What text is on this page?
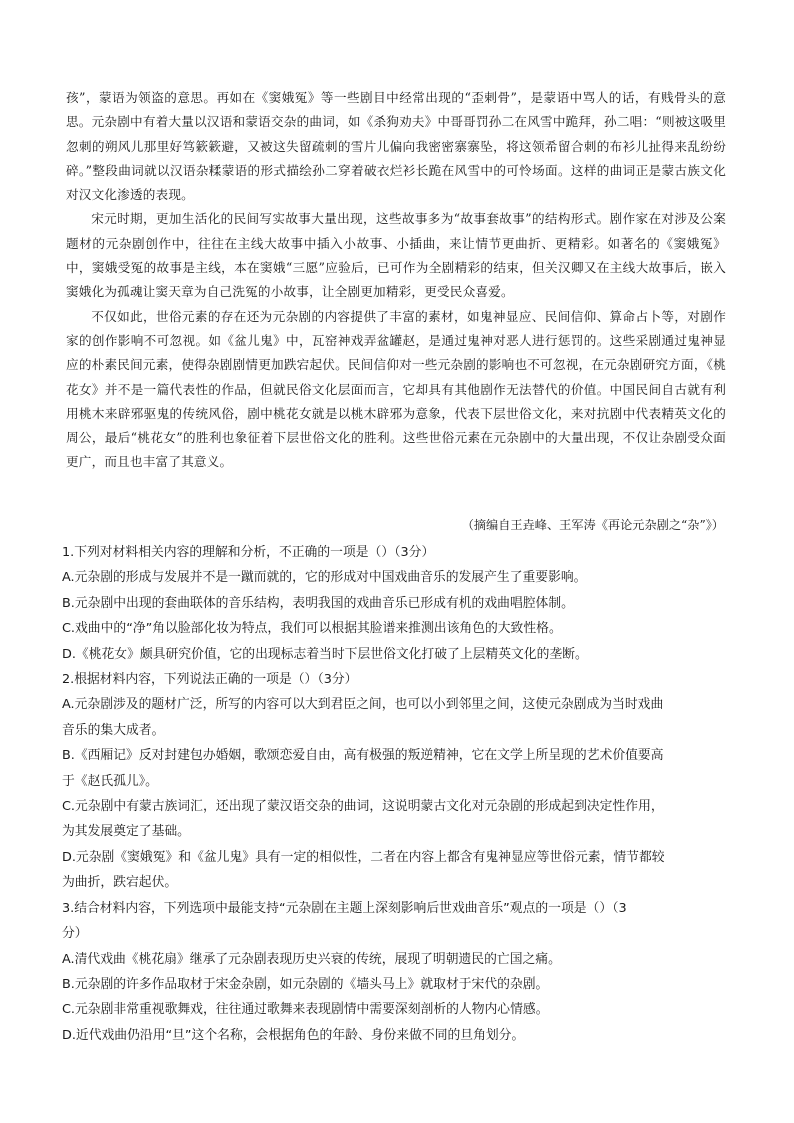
孩”，蒙语为领盗的意思。再如在《窦娥冤》等一些剧目中经常出现的“歪剌骨”，是蒙语中骂人的话，有贱骨头的意思。元杂剧中有着大量以汉语和蒙语交杂的曲词，如《杀狗劝夫》中哥哥罚孙二在风雪中跪拜，孙二唱：“则被这吸里忽刺的朔风儿那里好笃簌簌避，又被这失留疏刺的雪片儿偏向我密密寨寨坠，将这领希留合刺的布衫儿扯得来乱纷纷碎。”整段曲词就以汉语杂糅蒙语的形式描绘孙二穿着破衣烂衫长跪在风雪中的可怜场面。这样的曲词正是蒙古族文化对汉文化渗透的表现。

宋元时期，更加生活化的民间写实故事大量出现，这些故事多为“故事套故事”的结构形式。剧作家在对涉及公案题材的元杂剧创作中，往往在主线大故事中插入小故事、小插曲，来让情节更曲折、更精彩。如著名的《窦娥冤》中，窦娥受冤的故事是主线，本在窦娥“三愿”应验后，已可作为全剧精彩的结束，但关汉卿又在主线大故事后，嵌入窦娥化为孤魂让窦天章为自己洗冤的小故事，让全剧更加精彩，更受民众喜爱。

不仅如此，世俗元素的存在还为元杂剧的内容提供了丰富的素材，如鬼神显应、民间信仰、算命占卜等，对剧作家的创作影响不可忽视。如《盆儿鬼》中，瓦窑神戏弄盆罐赵，是通过鬼神对恶人进行惩罚的。这些采剧通过鬼神显应的朴素民间元素，使得杂剧剧情更加跌宕起伏。民间信仰对一些元杂剧的影响也不可忽视，在元杂剧研究方面，《桃花女》并不是一篇代表性的作品，但就民俗文化层面而言，它却具有其他剧作无法替代的价值。中国民间自古就有利用桃木来辟邪驱鬼的传统风俗，剧中桃花女就是以桃木辟邪为意象，代表下层世俗文化，来对抗剧中代表精英文化的周公，最后“桃花女”的胜利也象征着下层世俗文化的胜利。这些世俗元素在元杂剧中的大量出现，不仅让杂剧受众面更广，而且也丰富了其意义。

（摘编自王垚峰、王军涛《再论元杂剧之“杂”》）
1.下列对材料相关内容的理解和分析，不正确的一项是（）（3分）
A.元杂剧的形成与发展并不是一蹴而就的，它的形成对中国戏曲音乐的发展产生了重要影响。
B.元杂剧中出现的套曲联体的音乐结构，表明我国的戏曲音乐已形成有机的戏曲唱腔体制。
C.戏曲中的“净”角以脸部化妆为特点，我们可以根据其脸谱来推测出该角色的大致性格。
D.《桃花女》颇具研究价值，它的出现标志着当时下层世俗文化打破了上层精英文化的垄断。
2.根据材料内容，下列说法正确的一项是（）（3分）
A.元杂剧涉及的题材广泛，所写的内容可以大到君臣之间，也可以小到邻里之间，这使元杂剧成为当时戏曲
音乐的集大成者。
B.《西厢记》反对封建包办婚姻，歌颂恋爱自由，高有极强的叛逆精神，它在文学上所呈现的艺术价值要高
于《赵氏孤儿》。
C.元杂剧中有蒙古族词汇，还出现了蒙汉语交杂的曲词，这说明蒙古文化对元杂剧的形成起到决定性作用，
为其发展奠定了基础。
D.元杂剧《窦娥冤》和《盆儿鬼》具有一定的相似性，二者在内容上都含有鬼神显应等世俗元素，情节都较
为曲折，跌宕起伏。
3.结合材料内容，下列选项中最能支持“元杂剧在主题上深刻影响后世戏曲音乐”观点的一项是（）（3
分）
A.清代戏曲《桃花扇》继承了元杂剧表现历史兴衰的传统，展现了明朝遗民的亡国之痛。
B.元杂剧的许多作品取材于宋金杂剧，如元杂剧的《墙头马上》就取材于宋代的杂剧。
C.元杂剧非常重视歌舞戏，往往通过歌舞来表现剧情中需要深刻剖析的人物内心情感。
D.近代戏曲仍沿用“旦”这个名称，会根据角色的年龄、身份来做不同的旦角划分。
